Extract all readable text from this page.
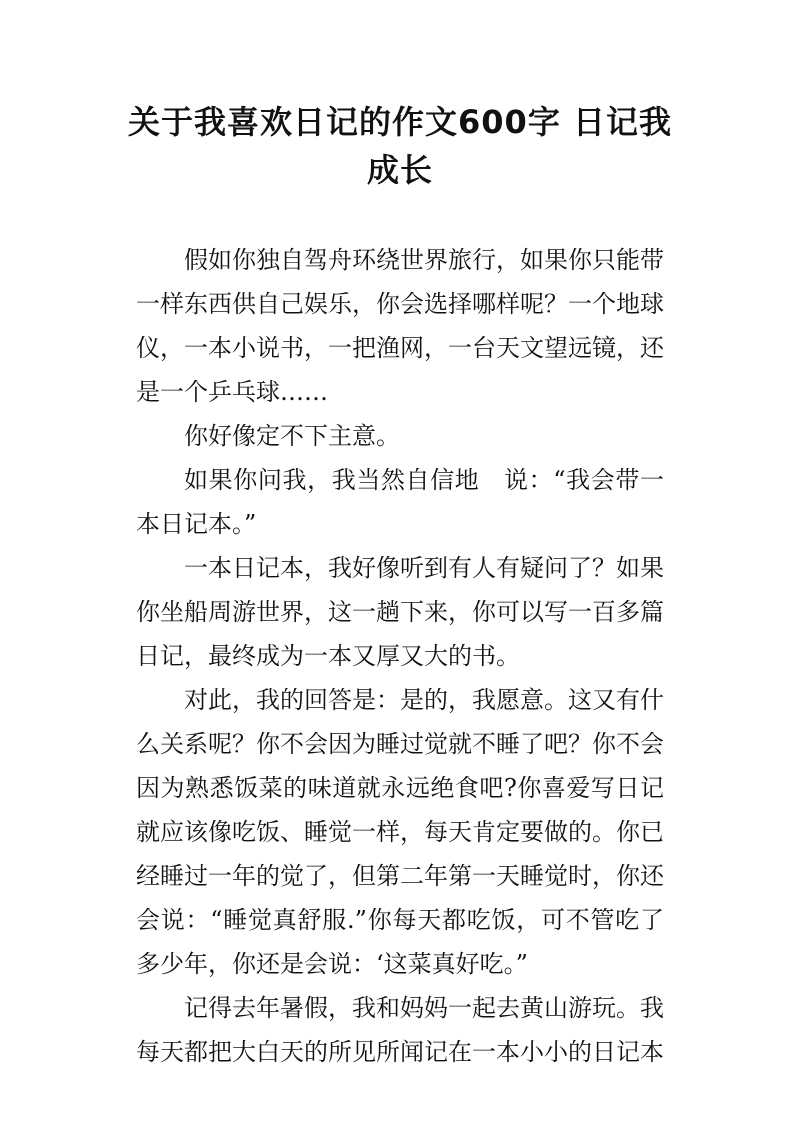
关于我喜欢日记的作文600字 日记我成长

假如你独自驾舟环绕世界旅行，如果你只能带一样东西供自己娱乐，你会选择哪样呢？一个地球仪，一本小说书，一把渔网，一台天文望远镜，还是一个乒乓球……

你好像定不下主意。

如果你问我，我当然自信地　说：“我会带一本日记本。”

一本日记本，我好像听到有人有疑问了？如果你坐船周游世界，这一趟下来，你可以写一百多篇日记，最终成为一本又厚又大的书。

对此，我的回答是：是的，我愿意。这又有什么关系呢？你不会因为睡过觉就不睡了吧？你不会因为熟悉饭菜的味道就永远绝食吧?你喜爱写日记就应该像吃饭、睡觉一样，每天肯定要做的。你已经睡过一年的觉了，但第二年第一天睡觉时，你还会说：“睡觉真舒服.”你每天都吃饭，可不管吃了多少年，你还是会说：‘这菜真好吃。”

记得去年暑假，我和妈妈一起去黄山游玩。我每天都把大白天的所见所闻记在一本小小的日记本
